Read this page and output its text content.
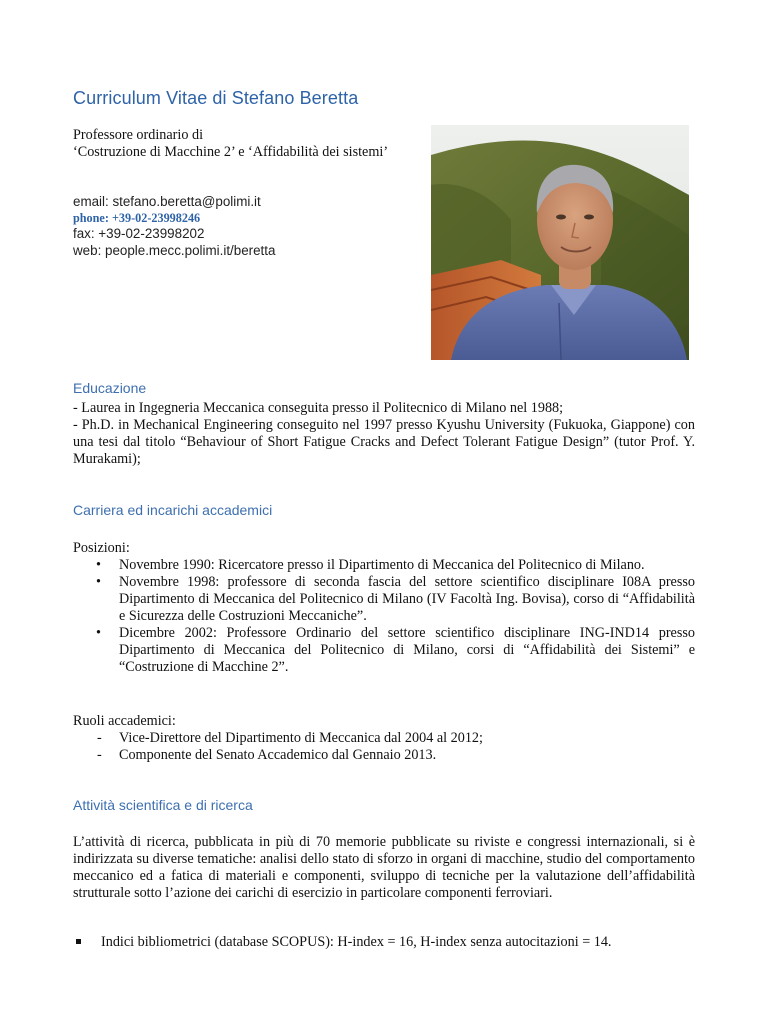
Curriculum Vitae di Stefano Beretta
Professore ordinario di
‘Costruzione di Macchine 2’ e ‘Affidabilità dei sistemi’
email: stefano.beretta@polimi.it
phone: +39-02-23998246
fax: +39-02-23998202
web: people.mecc.polimi.it/beretta
Educazione
- Laurea in Ingegneria Meccanica conseguita presso il Politecnico di Milano nel 1988;
- Ph.D. in Mechanical Engineering conseguito nel 1997 presso Kyushu University (Fukuoka, Giappone) con una tesi dal titolo “Behaviour of Short Fatigue Cracks and Defect Tolerant Fatigue Design” (tutor Prof. Y. Murakami);
Carriera ed incarichi accademici
Posizioni:
• Novembre 1990: Ricercatore presso il Dipartimento di Meccanica del Politecnico di Milano.
• Novembre 1998: professore di seconda fascia del settore scientifico disciplinare I08A presso Dipartimento di Meccanica del Politecnico di Milano (IV Facoltà Ing. Bovisa), corso di “Affidabilità e Sicurezza delle Costruzioni Meccaniche”.
• Dicembre 2002: Professore Ordinario del settore scientifico disciplinare ING-IND14 presso Dipartimento di Meccanica del Politecnico di Milano, corsi di “Affidabilità dei Sistemi” e “Costruzione di Macchine 2”.
Ruoli accademici:
- Vice-Direttore del Dipartimento di Meccanica dal 2004 al 2012;
- Componente del Senato Accademico dal Gennaio 2013.
Attività scientifica e di ricerca
L’attività di ricerca, pubblicata in più di 70 memorie pubblicate su riviste e congressi internazionali, si è indirizzata su diverse tematiche: analisi dello stato di sforzo in organi di macchine, studio del comportamento meccanico ed a fatica di materiali e componenti, sviluppo di tecniche per la valutazione dell’affidabilità strutturale sotto l’azione dei carichi di esercizio in particolare componenti ferroviari.
Indici bibliometrici (database SCOPUS): H-index = 16, H-index senza autocitazioni = 14.
